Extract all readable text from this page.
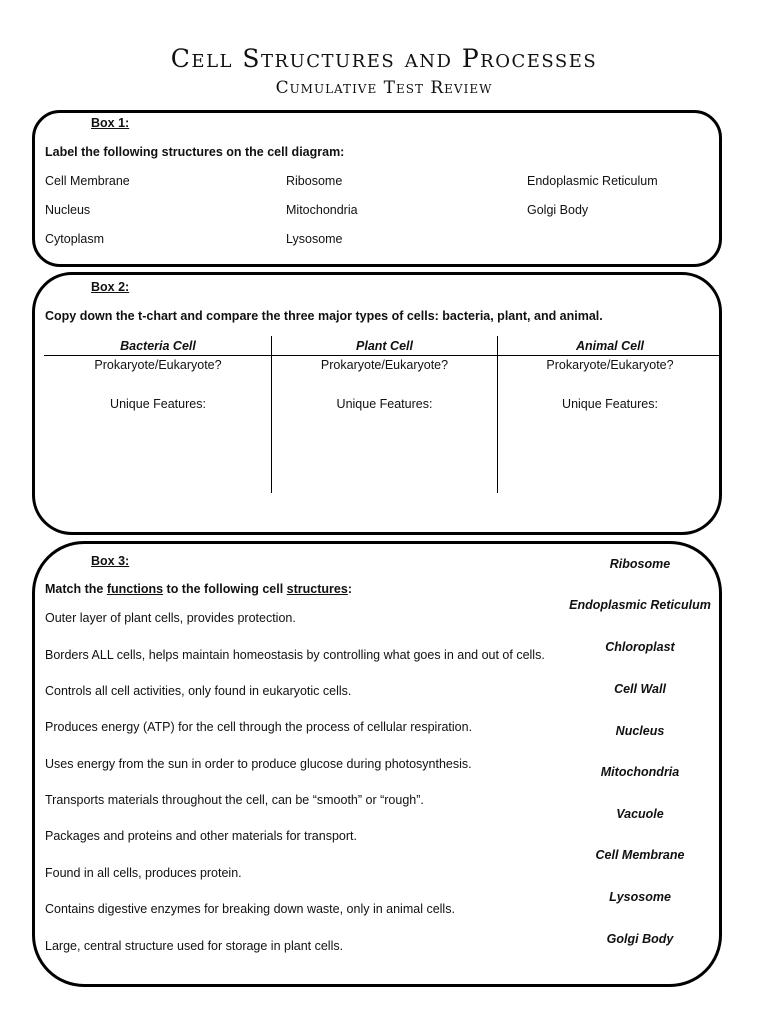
Cell Structures and Processes
Cumulative Test Review
Box 1:
Label the following structures on the cell diagram:
Cell Membrane	Ribosome	Endoplasmic Reticulum
Nucleus	Mitochondria	Golgi Body
Cytoplasm	Lysosome
Box 2:
Copy down the t-chart and compare the three major types of cells: bacteria, plant, and animal.
Bacteria Cell	Plant Cell	Animal Cell
Prokaryote/Eukaryote?	Prokaryote/Eukaryote?	Prokaryote/Eukaryote?
Unique Features:	Unique Features:	Unique Features:
Box 3:
Match the functions to the following cell structures:
Outer layer of plant cells, provides protection.
Borders ALL cells, helps maintain homeostasis by controlling what goes in and out of cells.
Controls all cell activities, only found in eukaryotic cells.
Produces energy (ATP) for the cell through the process of cellular respiration.
Uses energy from the sun in order to produce glucose during photosynthesis.
Transports materials throughout the cell, can be “smooth” or “rough”.
Packages and proteins and other materials for transport.
Found in all cells, produces protein.
Contains digestive enzymes for breaking down waste, only in animal cells.
Large, central structure used for storage in plant cells.
Ribosome
Endoplasmic Reticulum
Chloroplast
Cell Wall
Nucleus
Mitochondria
Vacuole
Cell Membrane
Lysosome
Golgi Body
